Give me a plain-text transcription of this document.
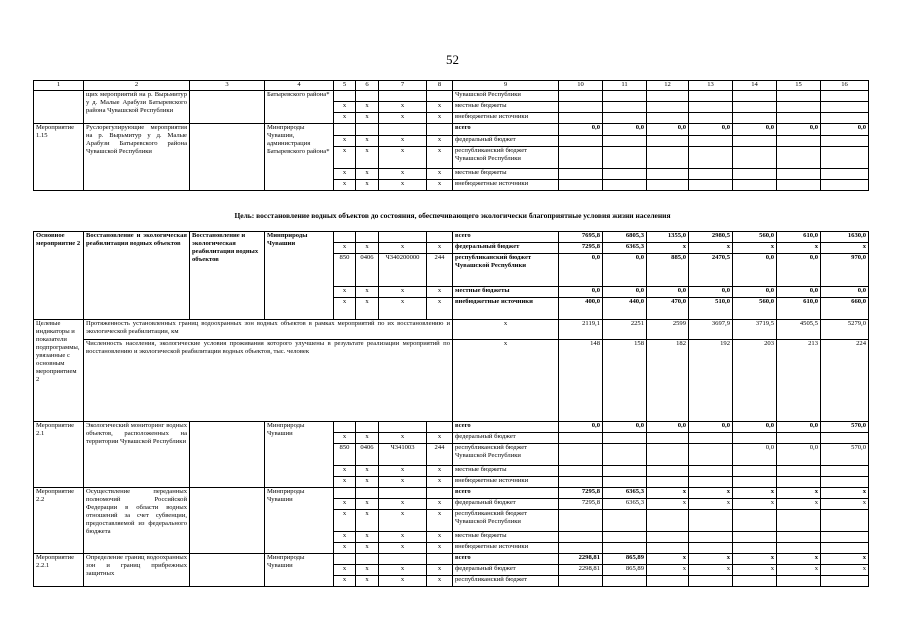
52
1	2	3	4	5	6	7	8	9	10	11	12	13	14	15	16
	щих мероприятий на р. Вырьмитур у д. Малые Арабузи Батыревского района Чувашской Республики		Батыревского района*					Чувашской Республики							
				x	x	x	x	местные бюджеты							
				x	x	x	x	внебюджетные источники							
Мероприятие 1.15	Руслорегулирующие мероприятия на р. Вырьмитур у д. Малые Арабузи Батыревского района Чувашской Республики		Минприроды Чувашии, администрация Батыревского района*					всего	0,0	0,0	0,0	0,0	0,0	0,0	0,0
				x	x	x	x	федеральный бюджет							
				x	x	x	x	республиканский бюджет Чувашской Республики							
				x	x	x	x	местные бюджеты							
				x	x	x	x	внебюджетные источники							
Цель: восстановление водных объектов до состояния, обеспечивающего экологически благоприятные условия жизни населения
Основное мероприятие 2	Восстановление и экологическая реабилитация водных объектов	Восстановление и экологическая реабилитация водных объектов	Минприроды Чувашии					всего	7695,8	6805,3	1355,0	2980,5	560,0	610,0	1630,0
				x	x	x	x	федеральный бюджет	7295,8	6365,3	x	x	x	x	x
				850	0406	Ч340200000	244	республиканский бюджет Чувашской Республики	0,0	0,0	885,0	2470,5	0,0	0,0	970,0
				x	x	x	x	местные бюджеты	0,0	0,0	0,0	0,0	0,0	0,0	0,0
				x	x	x	x	внебюджетные источники	400,0	440,0	470,0	510,0	560,0	610,0	660,0
Целевые индикаторы и показатели подпрограммы, увязанные с основным мероприятием 2	Протяженность установленных границ водоохранных зон водных объектов в рамках мероприятий по их восстановлению и экологической реабилитации, км							x	2119,1	2251	2599	3697,9	3719,5	4505,5	5279,0
	Численность населения, экологические условия проживания которого улучшены в результате реализации мероприятий по восстановлению и экологической реабилитации водных объектов, тыс. человек							x	148	158	182	192	203	213	224
Мероприятие 2.1	Экологический мониторинг водных объектов, расположенных на территории Чувашской Республики		Минприроды Чувашии					всего	0,0	0,0	0,0	0,0	0,0	0,0	570,0
				x	x	x	x	федеральный бюджет							
				850	0406	Ч341003	244	республиканский бюджет Чувашской Республики					0,0	0,0	570,0
				x	x	x	x	местные бюджеты							
				x	x	x	x	внебюджетные источники							
Мероприятие 2.2	Осуществление переданных полномочий Российской Федерации в области водных отношений за счет субвенции, предоставляемой из федерального бюджета		Минприроды Чувашии					всего	7295,8	6365,3	x	x	x	x	x
				x	x	x	x	федеральный бюджет	7295,8	6365,3	x	x	x	x	x
				x	x	x	x	республиканский бюджет Чувашской Республики							
				x	x	x	x	местные бюджеты							
				x	x	x	x	внебюджетные источники							
Мероприятие 2.2.1	Определение границ водоохранных зон и границ прибрежных защитных		Минприроды Чувашии					всего	2298,81	865,89	x	x	x	x	x
				x	x	x	x	федеральный бюджет	2298,81	865,89	x	x	x	x	x
				x	x	x	x	республиканский бюджет							
